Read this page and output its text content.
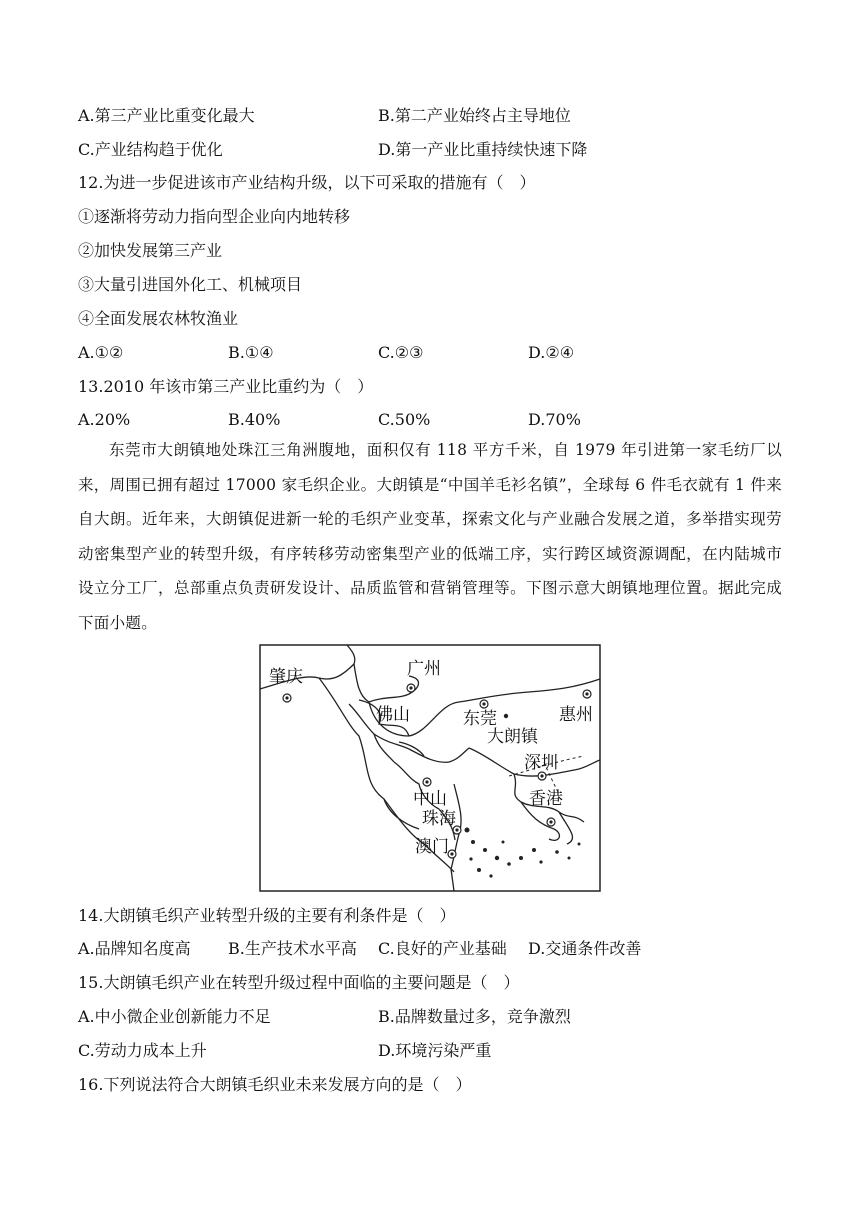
A.第三产业比重变化最大	B.第二产业始终占主导地位
C.产业结构趋于优化	D.第一产业比重持续快速下降
12.为进一步促进该市产业结构升级，以下可采取的措施有（　）
①逐渐将劳动力指向型企业向内地转移
②加快发展第三产业
③大量引进国外化工、机械项目
④全面发展农林牧渔业
A.①②	B.①④	C.②③	D.②④
13.2010 年该市第三产业比重约为（　）
A.20%	B.40%	C.50%	D.70%
东莞市大朗镇地处珠江三角洲腹地，面积仅有 118 平方千米，自 1979 年引进第一家毛纺厂以来，周围已拥有超过 17000 家毛织企业。大朗镇是“中国羊毛衫名镇”，全球每 6 件毛衣就有 1 件来自大朗。近年来，大朗镇促进新一轮的毛织产业变革，探索文化与产业融合发展之道，多举措实现劳动密集型产业的转型升级，有序转移劳动密集型产业的低端工序，实行跨区域资源调配，在内陆城市设立分工厂，总部重点负责研发设计、品质监管和营销管理等。下图示意大朗镇地理位置。据此完成下面小题。
肇庆	广州
佛山	东莞
大朗镇
惠州
深圳
中山
珠海
香港
澳门
14.大朗镇毛织产业转型升级的主要有利条件是（　）
A.品牌知名度高 B.生产技术水平高 C.良好的产业基础 D.交通条件改善
15.大朗镇毛织产业在转型升级过程中面临的主要问题是（　）
A.中小微企业创新能力不足	B.品牌数量过多，竞争激烈
C.劳动力成本上升	D.环境污染严重
16.下列说法符合大朗镇毛织业未来发展方向的是（　）
